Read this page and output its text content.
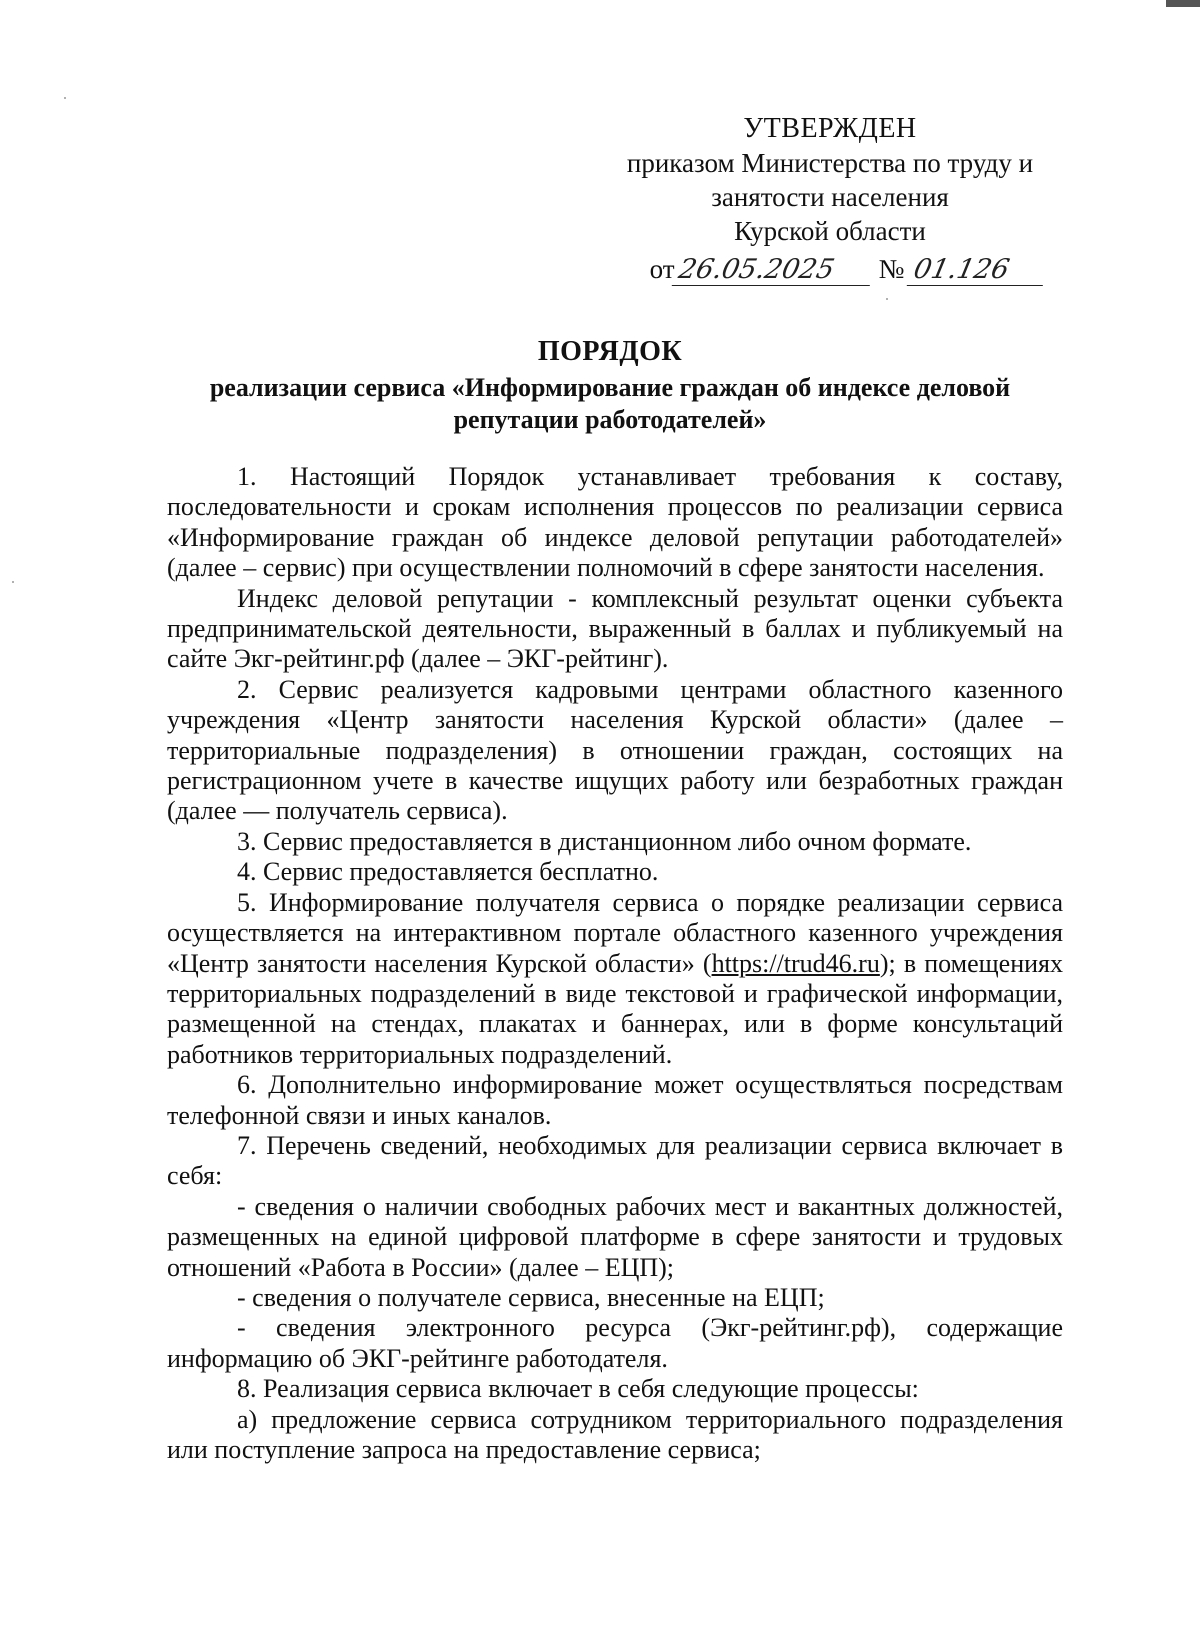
УТВЕРЖДЕН
приказом Министерства по труду и
занятости населения
Курской области
от 26.05.2025	№ 01.126
ПОРЯДОК
реализации сервиса «Информирование граждан об индексе деловой репутации работодателей»

1. Настоящий Порядок устанавливает требования к составу, последовательности и срокам исполнения процессов по реализации сервиса «Информирование граждан об индексе деловой репутации работодателей» (далее – сервис) при осуществлении полномочий в сфере занятости населения.

Индекс деловой репутации - комплексный результат оценки субъекта предпринимательской деятельности, выраженный в баллах и публикуемый на сайте Экг-рейтинг.рф (далее – ЭКГ-рейтинг).

2. Сервис реализуется кадровыми центрами областного казенного учреждения «Центр занятости населения Курской области» (далее – территориальные подразделения) в отношении граждан, состоящих на регистрационном учете в качестве ищущих работу или безработных граждан (далее — получатель сервиса).

3. Сервис предоставляется в дистанционном либо очном формате.

4. Сервис предоставляется бесплатно.

5. Информирование получателя сервиса о порядке реализации сервиса осуществляется на интерактивном портале областного казенного учреждения «Центр занятости населения Курской области» (https://trud46.ru); в помещениях территориальных подразделений в виде текстовой и графической информации, размещенной на стендах, плакатах и баннерах, или в форме консультаций работников территориальных подразделений.

6. Дополнительно информирование может осуществляться посредствам телефонной связи и иных каналов.

7. Перечень сведений, необходимых для реализации сервиса включает в себя:

- сведения о наличии свободных рабочих мест и вакантных должностей, размещенных на единой цифровой платформе в сфере занятости и трудовых отношений «Работа в России» (далее – ЕЦП);

- сведения о получателе сервиса, внесенные на ЕЦП;

- сведения электронного ресурса (Экг-рейтинг.рф), содержащие информацию об ЭКГ-рейтинге работодателя.

8. Реализация сервиса включает в себя следующие процессы:

а) предложение сервиса сотрудником территориального подразделения или поступление запроса на предоставление сервиса;
